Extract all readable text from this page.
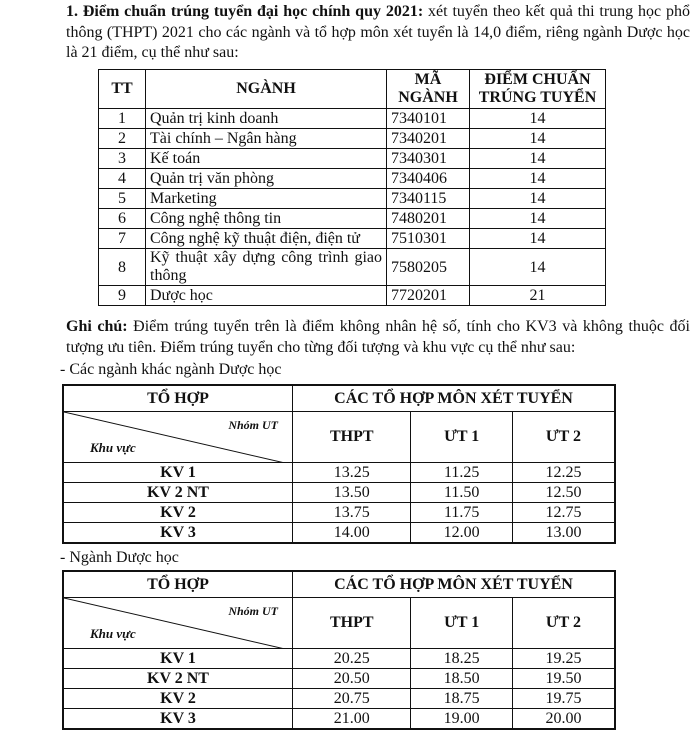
1. Điểm chuẩn trúng tuyển đại học chính quy 2021: xét tuyển theo kết quả thi trung học phổ thông (THPT) 2021 cho các ngành và tổ hợp môn xét tuyển là 14,0 điểm, riêng ngành Dược học là 21 điểm, cụ thể như sau:
TT	NGÀNH	MÃ NGÀNH	ĐIỂM CHUẨN TRÚNG TUYỂN
1	Quản trị kinh doanh	7340101	14
2	Tài chính – Ngân hàng	7340201	14
3	Kế toán	7340301	14
4	Quản trị văn phòng	7340406	14
5	Marketing	7340115	14
6	Công nghệ thông tin	7480201	14
7	Công nghệ kỹ thuật điện, điện tử	7510301	14
8	Kỹ thuật xây dựng công trình giao thông	7580205	14
9	Dược học	7720201	21
Ghi chú: Điểm trúng tuyển trên là điểm không nhân hệ số, tính cho KV3 và không thuộc đối tượng ưu tiên. Điểm trúng tuyển cho từng đối tượng và khu vực cụ thể như sau:
- Các ngành khác ngành Dược học
TỔ HỢP	CÁC TỔ HỢP MÔN XÉT TUYỂN		

Nhóm UT
Khu vực	THPT	ƯT 1	ƯT 2
KV 1	13.25	11.25	12.25
KV 2 NT	13.50	11.50	12.50
KV 2	13.75	11.75	12.75
KV 3	14.00	12.00	13.00
- Ngành Dược học
TỔ HỢP	CÁC TỔ HỢP MÔN XÉT TUYỂN		

Nhóm UT
Khu vực	THPT	ƯT 1	ƯT 2
KV 1	20.25	18.25	19.25
KV 2 NT	20.50	18.50	19.50
KV 2	20.75	18.75	19.75
KV 3	21.00	19.00	20.00
